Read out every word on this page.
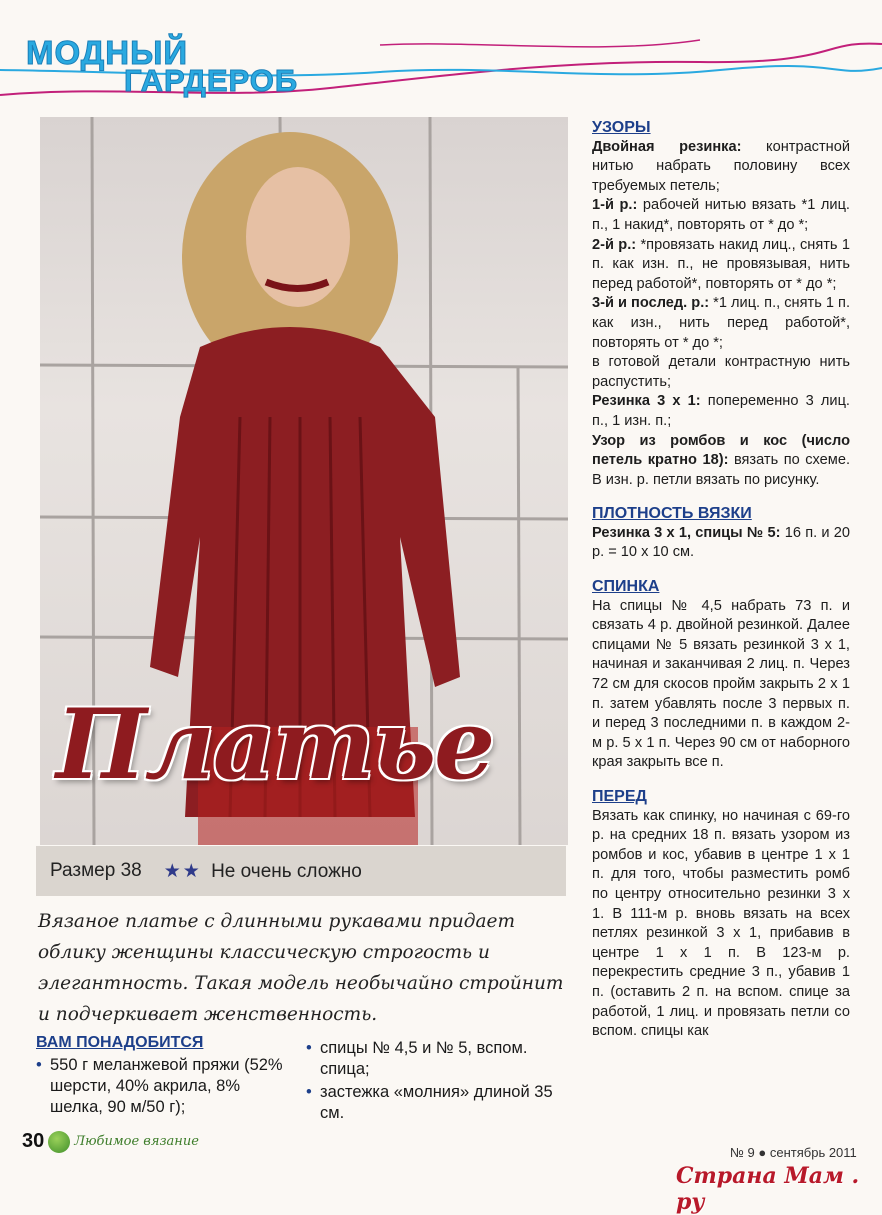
МОДНЫЙ
ГАРДЕРОБ
Платье
Размер 38 ★★ Не очень сложно
Вязаное платье с длинными рукавами придает облику женщины классическую строгость и элегантность. Такая модель необычайно стройнит и подчеркивает женственность.
ВАМ ПОНАДОБИТСЯ
• 550 г меланжевой пряжи (52% шерсти, 40% акрила, 8% шелка, 90 м/50 г);
• спицы № 4,5 и № 5, вспом. спица;
• застежка «молния» длиной 35 см.
30 Любимое вязание
УЗОРЫ

Двойная резинка: контрастной нитью набрать половину всех требуемых петель;

1-й р.: рабочей нитью вязать *1 лиц. п., 1 накид*, повторять от * до *;

2-й р.: *провязать накид лиц., снять 1 п. как изн. п., не провязывая, нить перед работой*, повторять от * до *;

3-й и послед. р.: *1 лиц. п., снять 1 п. как изн., нить перед работой*, повторять от * до *;

в готовой детали контрастную нить распустить;

Резинка 3 х 1: попеременно 3 лиц. п., 1 изн. п.;

Узор из ромбов и кос (число петель кратно 18): вязать по схеме. В изн. р. петли вязать по рисунку.

ПЛОТНОСТЬ ВЯЗКИ

Резинка 3 х 1, спицы № 5: 16 п. и 20 р. = 10 х 10 см.

СПИНКА

На спицы № 4,5 набрать 73 п. и связать 4 р. двойной резинкой. Далее спицами № 5 вязать резинкой 3 х 1, начиная и заканчивая 2 лиц. п. Через 72 см для скосов пройм закрыть 2 х 1 п. затем убавлять после 3 первых п. и перед 3 последними п. в каждом 2-м р. 5 х 1 п. Через 90 см от наборного края закрыть все п.

ПЕРЕД

Вязать как спинку, но начиная с 69-го р. на средних 18 п. вязать узором из ромбов и кос, убавив в центре 1 х 1 п. для того, чтобы разместить ромб по центру относительно резинки 3 х 1. В 111-м р. вновь вязать на всех петлях резинкой 3 х 1, прибавив в центре 1 х 1 п. В 123-м р. перекрестить средние 3 п., убавив 1 п. (оставить 2 п. на вспом. спице за работой, 1 лиц. и провязать петли со вспом. спицы как

№ 9 ● сентябрь 2011
Страна Мам . ру
